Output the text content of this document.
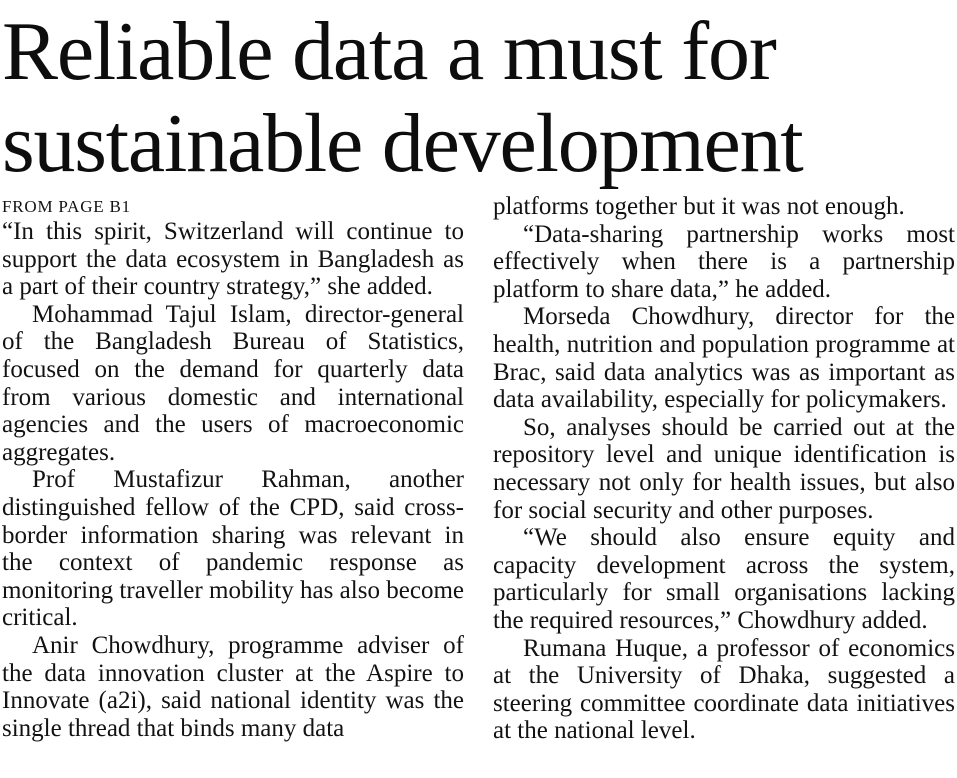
Reliable data a must for
sustainable development
FROM PAGE B1

“In this spirit, Switzerland will continue to support the data ecosystem in Bangladesh as a part of their country strategy,” she added.

Mohammad Tajul Islam, director-general of the Bangladesh Bureau of Statistics, focused on the demand for quarterly data from various domestic and international agencies and the users of macroeconomic aggregates.

Prof Mustafizur Rahman, another distinguished fellow of the CPD, said cross-border information sharing was relevant in the context of pandemic response as monitoring traveller mobility has also become critical.

Anir Chowdhury, programme adviser of the data innovation cluster at the Aspire to Innovate (a2i), said national identity was the single thread that binds many data

platforms together but it was not enough.

“Data-sharing partnership works most effectively when there is a partnership platform to share data,” he added.

Morseda Chowdhury, director for the health, nutrition and population programme at Brac, said data analytics was as important as data availability, especially for policymakers.

So, analyses should be carried out at the repository level and unique identification is necessary not only for health issues, but also for social security and other purposes.

“We should also ensure equity and capacity development across the system, particularly for small organisations lacking the required resources,” Chowdhury added.

Rumana Huque, a professor of economics at the University of Dhaka, suggested a steering committee coordinate data initiatives at the national level.
